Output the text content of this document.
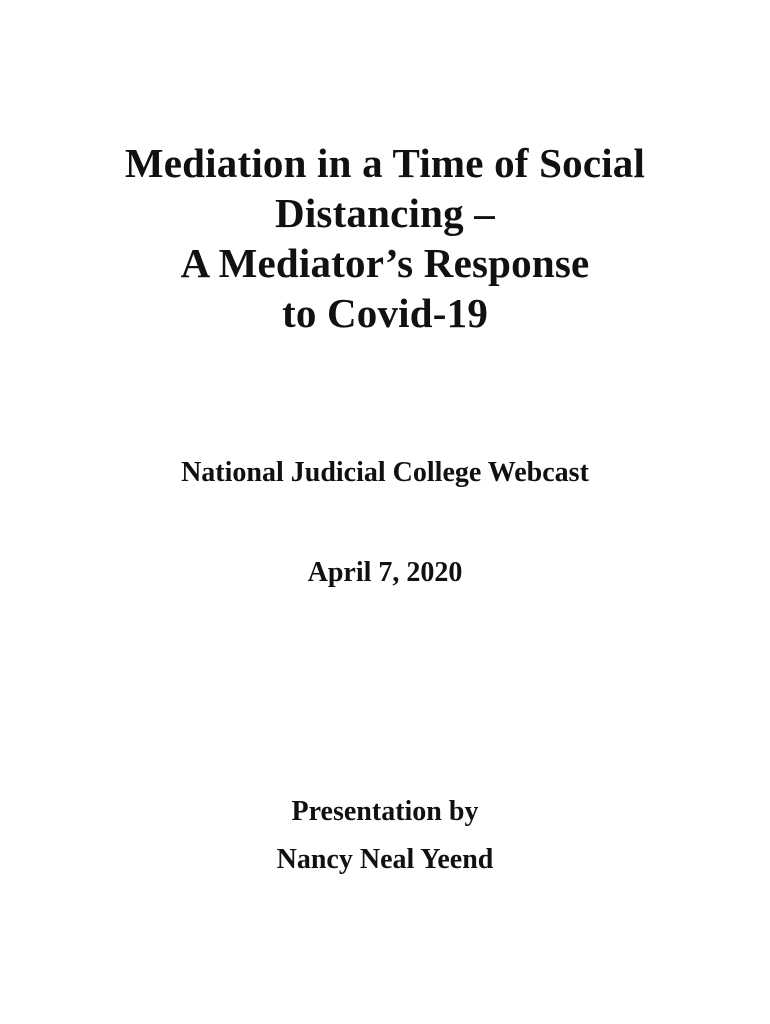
Mediation in a Time of Social
Distancing –
A Mediator’s Response
to Covid-19
National Judicial College Webcast
April 7, 2020
Presentation by
Nancy Neal Yeend
